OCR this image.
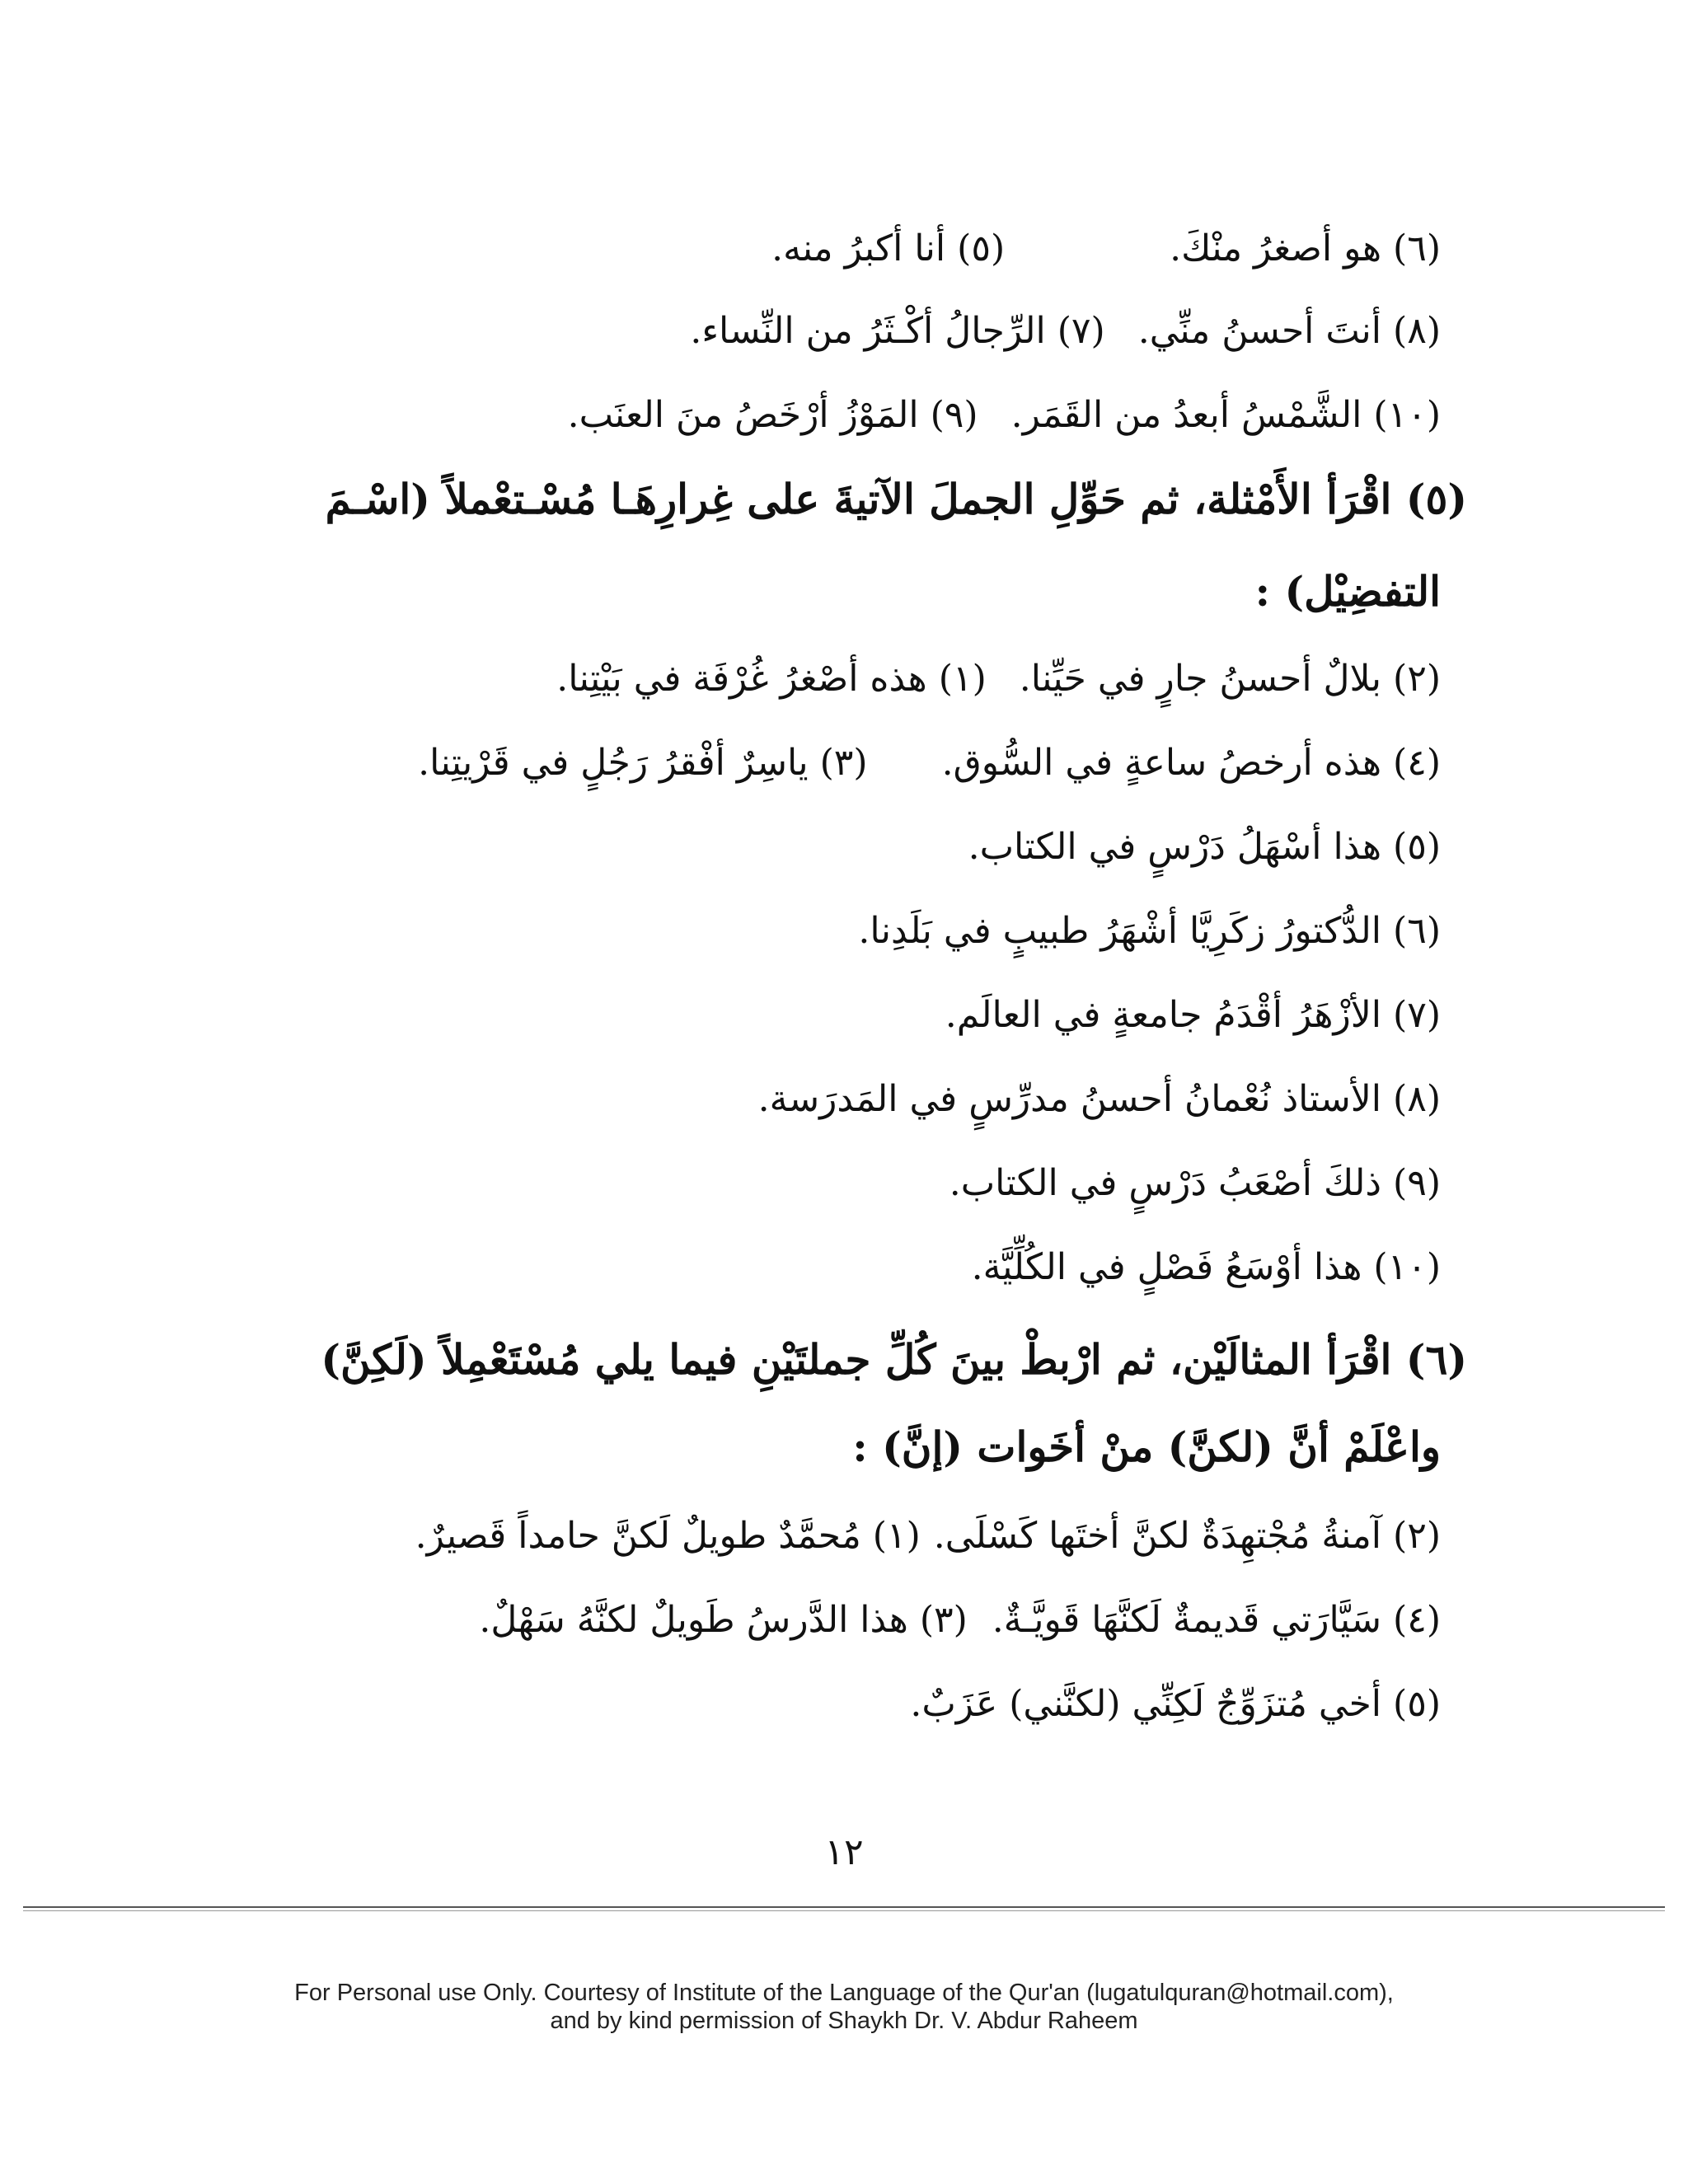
(٥) أنا أكبرُ منه.	(٦) هو أصغرُ منْكَ.
(٧) الرِّجالُ أكْـثَرُ من النِّساء. (٨) أنتَ أحسنُ منِّي.
(٩) المَوْزُ أرْخَصُ منَ العنَب. (١٠) الشَّمْسُ أبعدُ من القَمَر.
(٥) اقْرَأ الأَمْثلة، ثم حَوِّلِ الجملَ الآتيةَ على غِرارِهَـا مُسْـتعْملاً (اسْـمَ
التفضِيْل) :
(١) هذه أصْغرُ غُرْفَة في بَيْتِنا. (٢) بلالٌ أحسنُ جارٍ في حَيِّنا.
(٣) ياسِرٌ أفْقرُ رَجُلٍ في قَرْيتِنا. (٤) هذه أرخصُ ساعةٍ في السُّوق.
(٥) هذا أسْهَلُ دَرْسٍ في الكتاب.
(٦) الدُّكتورُ زكَرِيَّا أشْهَرُ طبيبٍ في بَلَدِنا.
(٧) الأزْهَرُ أقْدَمُ جامعةٍ في العالَم.
(٨) الأستاذ نُعْمانُ أحسنُ مدرِّسٍ في المَدرَسة.
(٩) ذلكَ أصْعَبُ دَرْسٍ في الكتاب.
(١٠) هذا أوْسَعُ فَصْلٍ في الكُلِّيَّة.
(٦) اقْرَأ المثالَيْن، ثم ارْبطْ بينَ كُلِّ جملتَيْنِ فيما يلي مُسْتَعْمِلاً (لَكِنَّ)
واعْلَمْ أنَّ (لكنَّ) منْ أخَوات (إنَّ) :
(١) مُحمَّدٌ طويلٌ لَكنَّ حامداً قَصيرٌ. (٢) آمنةُ مُجْتهِدَةٌ لكنَّ أختَها كَسْلَى.
(٣) هذا الدَّرسُ طَويلٌ لكنَّهُ سَهْلٌ. (٤) سَيَّارَتي قَديمةٌ لَكنَّهَا قَويَّـةٌ.
(٥) أخي مُتزَوِّجٌ لَكِنِّي (لكنَّني) عَزَبٌ.
١٢
For Personal use Only. Courtesy of Institute of the Language of the Qur'an (lugatulquran@hotmail.com),
and by kind permission of Shaykh Dr. V. Abdur Raheem
